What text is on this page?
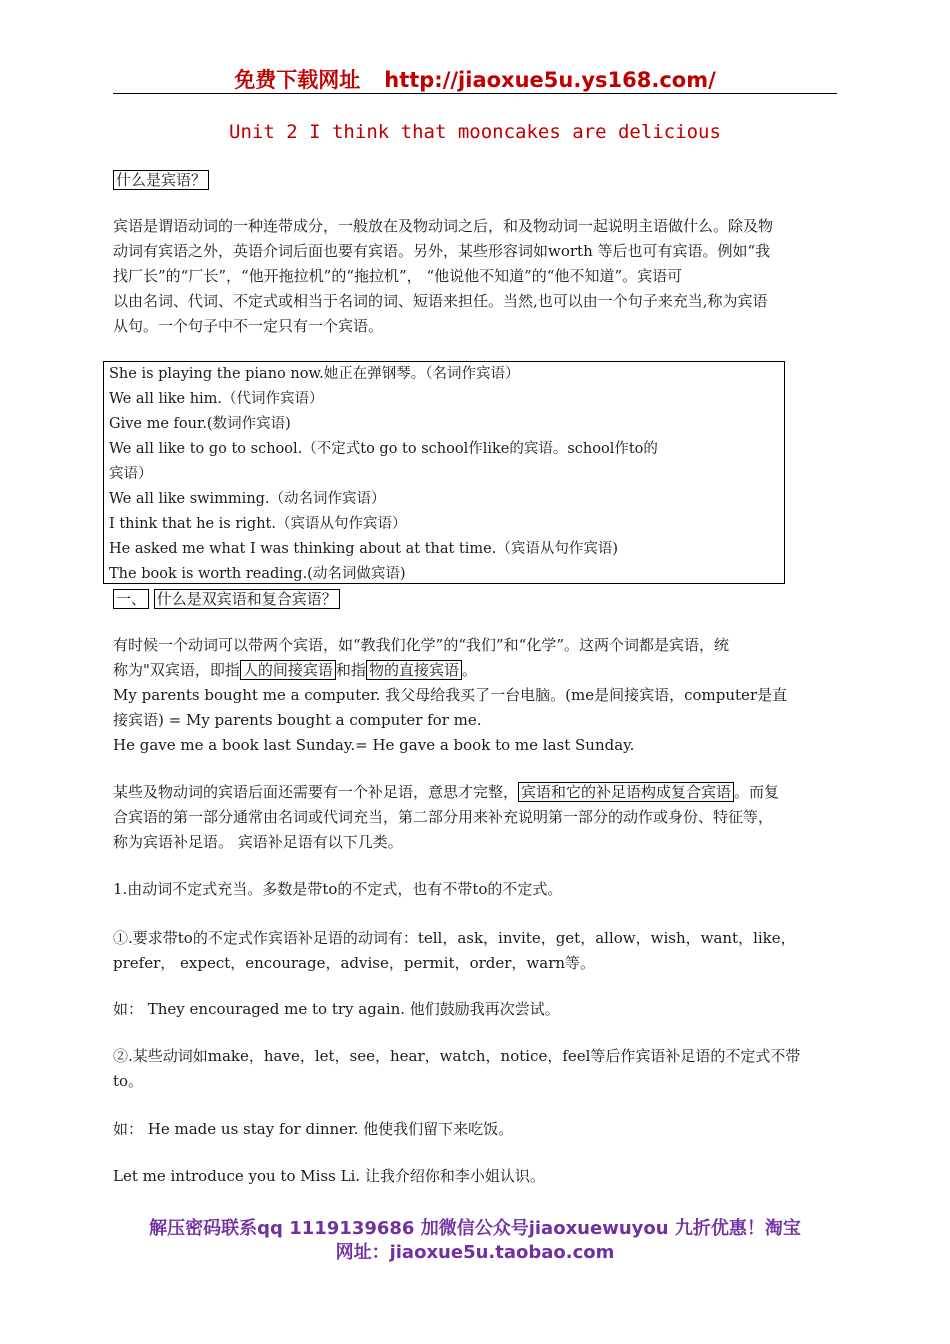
免费下载网址 http://jiaoxue5u.ys168.com/
Unit 2 I think that mooncakes are delicious
什么是宾语？
宾语是谓语动词的一种连带成分，一般放在及物动词之后，和及物动词一起说明主语做什么。除及物
动词有宾语之外，英语介词后面也要有宾语。另外，某些形容词如worth 等后也可有宾语。例如“我
找厂长”的“厂长”，“他开拖拉机”的“拖拉机”， “他说他不知道”的“他不知道”。宾语可
以由名词、代词、不定式或相当于名词的词、短语来担任。当然,也可以由一个句子来充当,称为宾语
从句。一个句子中不一定只有一个宾语。
She is playing the piano now.她正在弹钢琴。（名词作宾语）
We all like him.（代词作宾语）
Give me four.(数词作宾语)
We all like to go to school.（不定式to go to school作like的宾语。school作to的
宾语）
We all like swimming.（动名词作宾语）
I think that he is right.（宾语从句作宾语）
He asked me what I was thinking about at that time.（宾语从句作宾语)
The book is worth reading.(动名词做宾语)
一、 什么是双宾语和复合宾语？
有时候一个动词可以带两个宾语，如“教我们化学”的“我们”和“化学”。这两个词都是宾语，统
称为"双宾语，即指 人的间接宾语 和指 物的直接宾语 。
My parents bought me a computer. 我父母给我买了一台电脑。(me是间接宾语，computer是直
接宾语) = My parents bought a computer for me.
He gave me a book last Sunday.= He gave a book to me last Sunday.
某些及物动词的宾语后面还需要有一个补足语，意思才完整， 宾语和它的补足语构成复合宾语 。而复
合宾语的第一部分通常由名词或代词充当，第二部分用来补充说明第一部分的动作或身份、特征等，
称为宾语补足语。 宾语补足语有以下几类。
1.由动词不定式充当。多数是带to的不定式，也有不带to的不定式。
①.要求带to的不定式作宾语补足语的动词有：tell，ask，invite，get，allow，wish，want，like，
prefer， expect，encourage，advise，permit，order，warn等。
如： They encouraged me to try again. 他们鼓励我再次尝试。
②.某些动词如make，have，let，see，hear，watch，notice，feel等后作宾语补足语的不定式不带
to。
如： He made us stay for dinner. 他使我们留下来吃饭。
Let me introduce you to Miss Li. 让我介绍你和李小姐认识。
解压密码联系qq 1119139686 加微信公众号jiaoxuewuyou 九折优惠！淘宝
网址：jiaoxue5u.taobao.com
